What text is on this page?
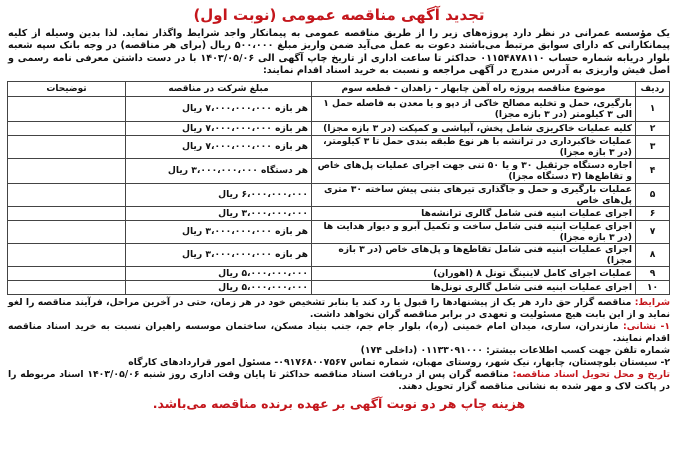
تجدید آگهی مناقصه عمومی (نوبت اول)
یک مؤسسه عمرانی در نظر دارد پروژه‌های زیر را از طریق مناقصه عمومی به پیمانکار واجد شرایط واگذار نماید. لذا بدین وسیله از کلیه پیمانکارانی که دارای سوابق مرتبط می‌باشند دعوت به عمل می‌آید ضمن واریز مبلغ ۵۰۰،۰۰۰ ریال (برای هر مناقصه) در وجه بانک سپه شعبه بلوار دریابه شماره حساب ۰۱۱۵۴۸۷۸۱۱۰ حداکثر تا ساعت اداری از تاریخ چاپ آگهی الی ۱۴۰۳/۰۵/۰۶ با در دست داشتن معرفی نامه رسمی و اصل فیش واریزی به آدرس مندرج در آگهی مراجعه و نسبت به خرید اسناد اقدام نمایند:
ردیف	موضوع مناقصه پروژه راه آهن چابهار - زاهدان - قطعه سوم	مبلغ شرکت در مناقصه	توضیحات
۱	بارگیری، حمل و تخلیه مصالح خاکی از دپو و یا معدن به فاصله حمل ۱ الی ۳ کیلومتر (در ۳ بازه مجزا)	هر بازه ۷،۰۰۰،۰۰۰،۰۰۰ ریال	
۲	کلیه عملیات خاکریزی شامل پخش، آبپاشی و کمپکت (در ۳ بازه مجزا)	هر بازه ۷،۰۰۰،۰۰۰،۰۰۰ ریال	
۳	عملیات خاکبرداری در ترانشه با هر نوع طبقه بندی حمل تا ۳ کیلومتر، (در ۳ بازه مجزا)	هر بازه ۷،۰۰۰،۰۰۰،۰۰۰ ریال	
۴	اجاره دستگاه جرثقیل ۳۰ و یا ۵۰ تنی جهت اجرای عملیات پل‌های خاص و تقاطع‌ها (۳ دستگاه مجزا)	هر دستگاه ۳،۰۰۰،۰۰۰،۰۰۰ ریال	
۵	عملیات بارگیری و حمل و جاگذاری تیرهای بتنی پیش ساخته ۳۰ متری پل‌های خاص	۶،۰۰۰،۰۰۰،۰۰۰ ریال	
۶	اجرای عملیات ابنیه فنی شامل گالری ترانشه‌ها	۳،۰۰۰،۰۰۰،۰۰۰ ریال	
۷	اجرای عملیات ابنیه فنی شامل ساخت و تکمیل آبرو و دیوار هدایت ها (در ۳ بازه مجزا)	هر بازه ۳،۰۰۰،۰۰۰،۰۰۰ ریال	
۸	اجرای عملیات ابنیه فنی شامل تقاطع‌ها و پل‌های خاص (در ۳ بازه مجزا)	هر بازه ۳،۰۰۰،۰۰۰،۰۰۰ ریال	
۹	عملیات اجرای کامل لاینینگ تونل ۸ (اهوران)	۵،۰۰۰،۰۰۰،۰۰۰ ریال	
۱۰	اجرای عملیات ابنیه فنی شامل گالری تونل‌ها	۵،۰۰۰،۰۰۰،۰۰۰ ریال	
شرایط: مناقصه گزار حق دارد هر یک از پیشنهادها را قبول یا رد کند یا بنابر تشخیص خود در هر زمان، حتی در آخرین مراحل، فرآیند مناقصه را لغو نماید و از این بابت هیچ مسئولیت و تعهدی در برابر مناقصه گران نخواهد داشت.
۱- نشانی: مازندران، ساری، میدان امام خمینی (ره)، بلوار جام جم، جنب بنیاد مسکن، ساختمان موسسه راهیران نسبت به خرید اسناد مناقصه اقدام نمایند.
شماره تلفن جهت کسب اطلاعات بیشتر: ۰۱۱۳۳۰۹۱۰۰۰ (داخلی ۱۷۴)
۲- سیستان بلوچستان، چابهار، نیک شهر، روستای مهبان، شماره تماس ۰۹۱۷۶۸۰۰۷۵۶۷- مسئول امور قراردادهای کارگاه
تاریخ و محل تحویل اسناد مناقصه: مناقصه گران پس از دریافت اسناد مناقصه حداکثر تا پایان وقت اداری روز شنبه ۱۴۰۳/۰۵/۰۶ اسناد مربوطه را در پاکت لاک و مهر شده به نشانی مناقصه گزار تحویل دهند.
هزینه چاپ هر دو نوبت آگهی بر عهده برنده مناقصه می‌باشد.
